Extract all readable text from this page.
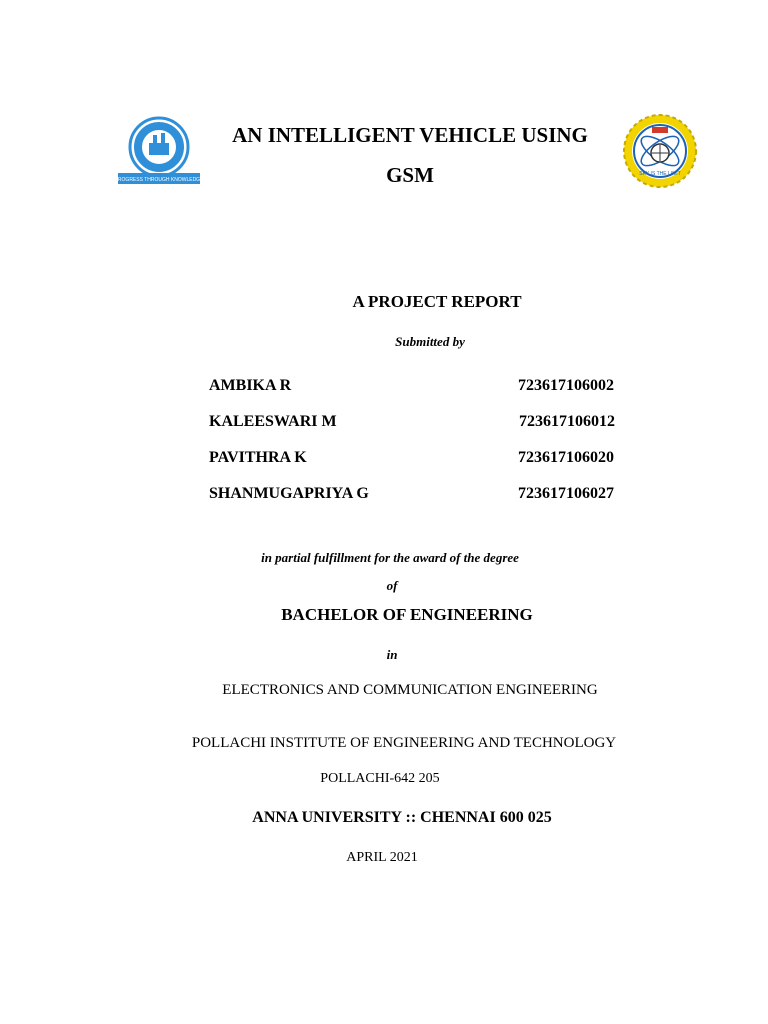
PROGRESS THROUGH KNOWLEDGE
SKY IS THE LIMIT
AN INTELLIGENT VEHICLE USING
GSM
A PROJECT REPORT
Submitted by
AMBIKA R	723617106002
KALEESWARI M	723617106012
PAVITHRA K	723617106020
SHANMUGAPRIYA G	723617106027
in partial fulfillment for the award of the degree
of
BACHELOR OF ENGINEERING
in
ELECTRONICS AND COMMUNICATION ENGINEERING
POLLACHI INSTITUTE OF ENGINEERING AND TECHNOLOGY
POLLACHI-642 205
ANNA UNIVERSITY :: CHENNAI 600 025
APRIL 2021
